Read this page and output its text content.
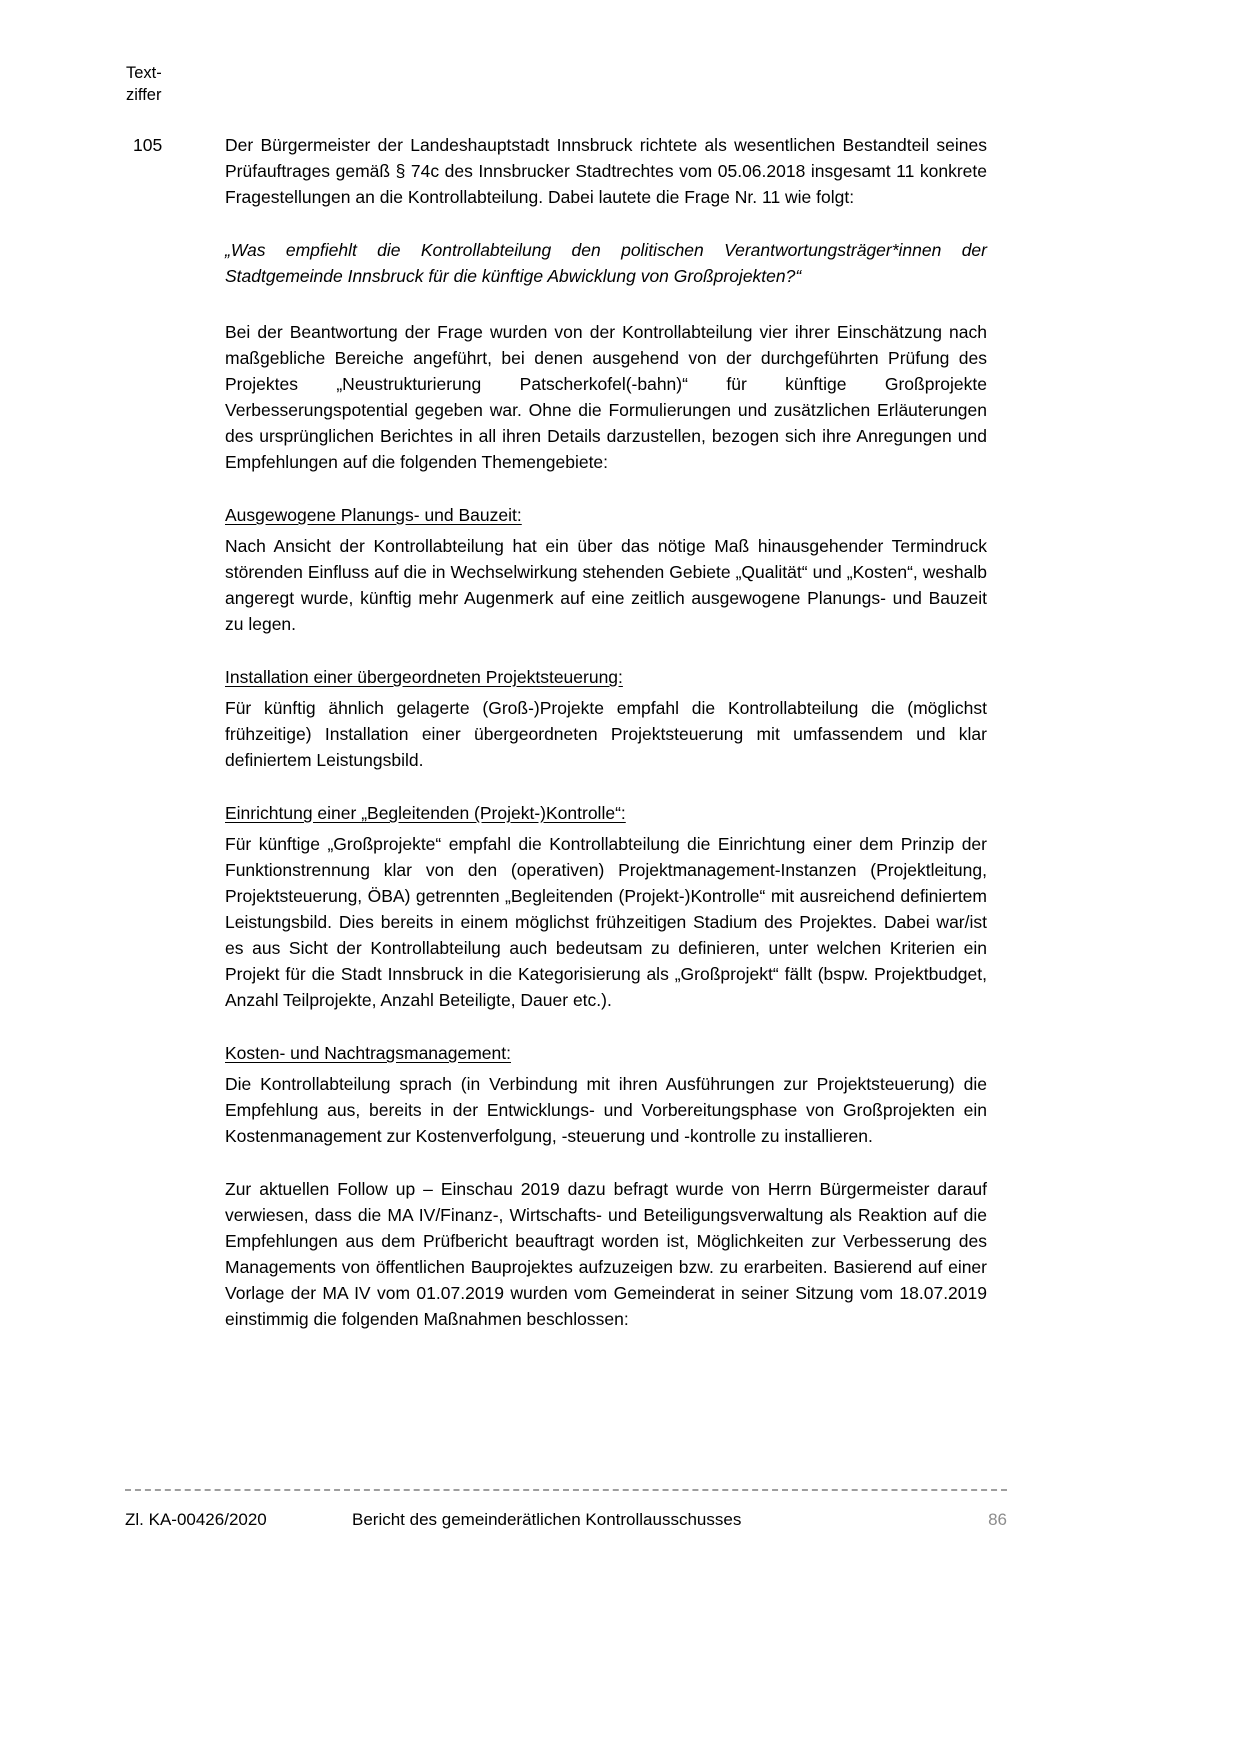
Text-
ziffer
105	Der Bürgermeister der Landeshauptstadt Innsbruck richtete als wesentlichen Bestandteil seines Prüfauftrages gemäß § 74c des Innsbrucker Stadtrechtes vom 05.06.2018 insgesamt 11 konkrete Fragestellungen an die Kontrollabteilung. Dabei lautete die Frage Nr. 11 wie folgt:

„Was empfiehlt die Kontrollabteilung den politischen Verantwortungsträger*innen der Stadtgemeinde Innsbruck für die künftige Abwicklung von Großprojekten?“

Bei der Beantwortung der Frage wurden von der Kontrollabteilung vier ihrer Einschätzung nach maßgebliche Bereiche angeführt, bei denen ausgehend von der durchgeführten Prüfung des Projektes „Neustrukturierung Patscherkofel(-bahn)“ für künftige Großprojekte Verbesserungspotential gegeben war. Ohne die Formulierungen und zusätzlichen Erläuterungen des ursprünglichen Berichtes in all ihren Details darzustellen, bezogen sich ihre Anregungen und Empfehlungen auf die folgenden Themengebiete:

Ausgewogene Planungs- und Bauzeit:

Nach Ansicht der Kontrollabteilung hat ein über das nötige Maß hinausgehender Termindruck störenden Einfluss auf die in Wechselwirkung stehenden Gebiete „Qualität“ und „Kosten“, weshalb angeregt wurde, künftig mehr Augenmerk auf eine zeitlich ausgewogene Planungs- und Bauzeit zu legen.

Installation einer übergeordneten Projektsteuerung:

Für künftig ähnlich gelagerte (Groß-)Projekte empfahl die Kontrollabteilung die (möglichst frühzeitige) Installation einer übergeordneten Projektsteuerung mit umfassendem und klar definiertem Leistungsbild.

Einrichtung einer „Begleitenden (Projekt-)Kontrolle“:

Für künftige „Großprojekte“ empfahl die Kontrollabteilung die Einrichtung einer dem Prinzip der Funktionstrennung klar von den (operativen) Projektmanagement-Instanzen (Projektleitung, Projektsteuerung, ÖBA) getrennten „Begleitenden (Projekt-)Kontrolle“ mit ausreichend definiertem Leistungsbild. Dies bereits in einem möglichst frühzeitigen Stadium des Projektes. Dabei war/ist es aus Sicht der Kontrollabteilung auch bedeutsam zu definieren, unter welchen Kriterien ein Projekt für die Stadt Innsbruck in die Kategorisierung als „Großprojekt“ fällt (bspw. Projektbudget, Anzahl Teilprojekte, Anzahl Beteiligte, Dauer etc.).

Kosten- und Nachtragsmanagement:

Die Kontrollabteilung sprach (in Verbindung mit ihren Ausführungen zur Projektsteuerung) die Empfehlung aus, bereits in der Entwicklungs- und Vorbereitungsphase von Großprojekten ein Kostenmanagement zur Kostenverfolgung, -steuerung und -kontrolle zu installieren.

Zur aktuellen Follow up – Einschau 2019 dazu befragt wurde von Herrn Bürgermeister darauf verwiesen, dass die MA IV/Finanz-, Wirtschafts- und Beteiligungsverwaltung als Reaktion auf die Empfehlungen aus dem Prüfbericht beauftragt worden ist, Möglichkeiten zur Verbesserung des Managements von öffentlichen Bauprojektes aufzuzeigen bzw. zu erarbeiten. Basierend auf einer Vorlage der MA IV vom 01.07.2019 wurden vom Gemeinderat in seiner Sitzung vom 18.07.2019 einstimmig die folgenden Maßnahmen beschlossen:

Zl. KA-00426/2020	Bericht des gemeinderätlichen Kontrollausschusses	86
